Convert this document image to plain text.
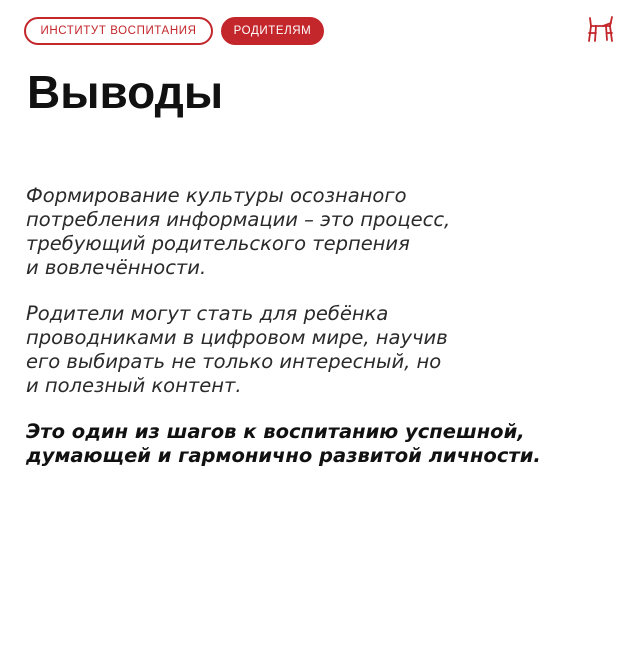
ИНСТИТУТ ВОСПИТАНИЯ	РОДИТЕЛЯМ
Выводы

Формирование культуры осознаного
потребления информации – это процесс,
требующий родительского терпения
и вовлечённости.

Родители могут стать для ребёнка
проводниками в цифровом мире, научив
его выбирать не только интересный, но
и полезный контент.

Это один из шагов к воспитанию успешной,
думающей и гармонично развитой личности.
